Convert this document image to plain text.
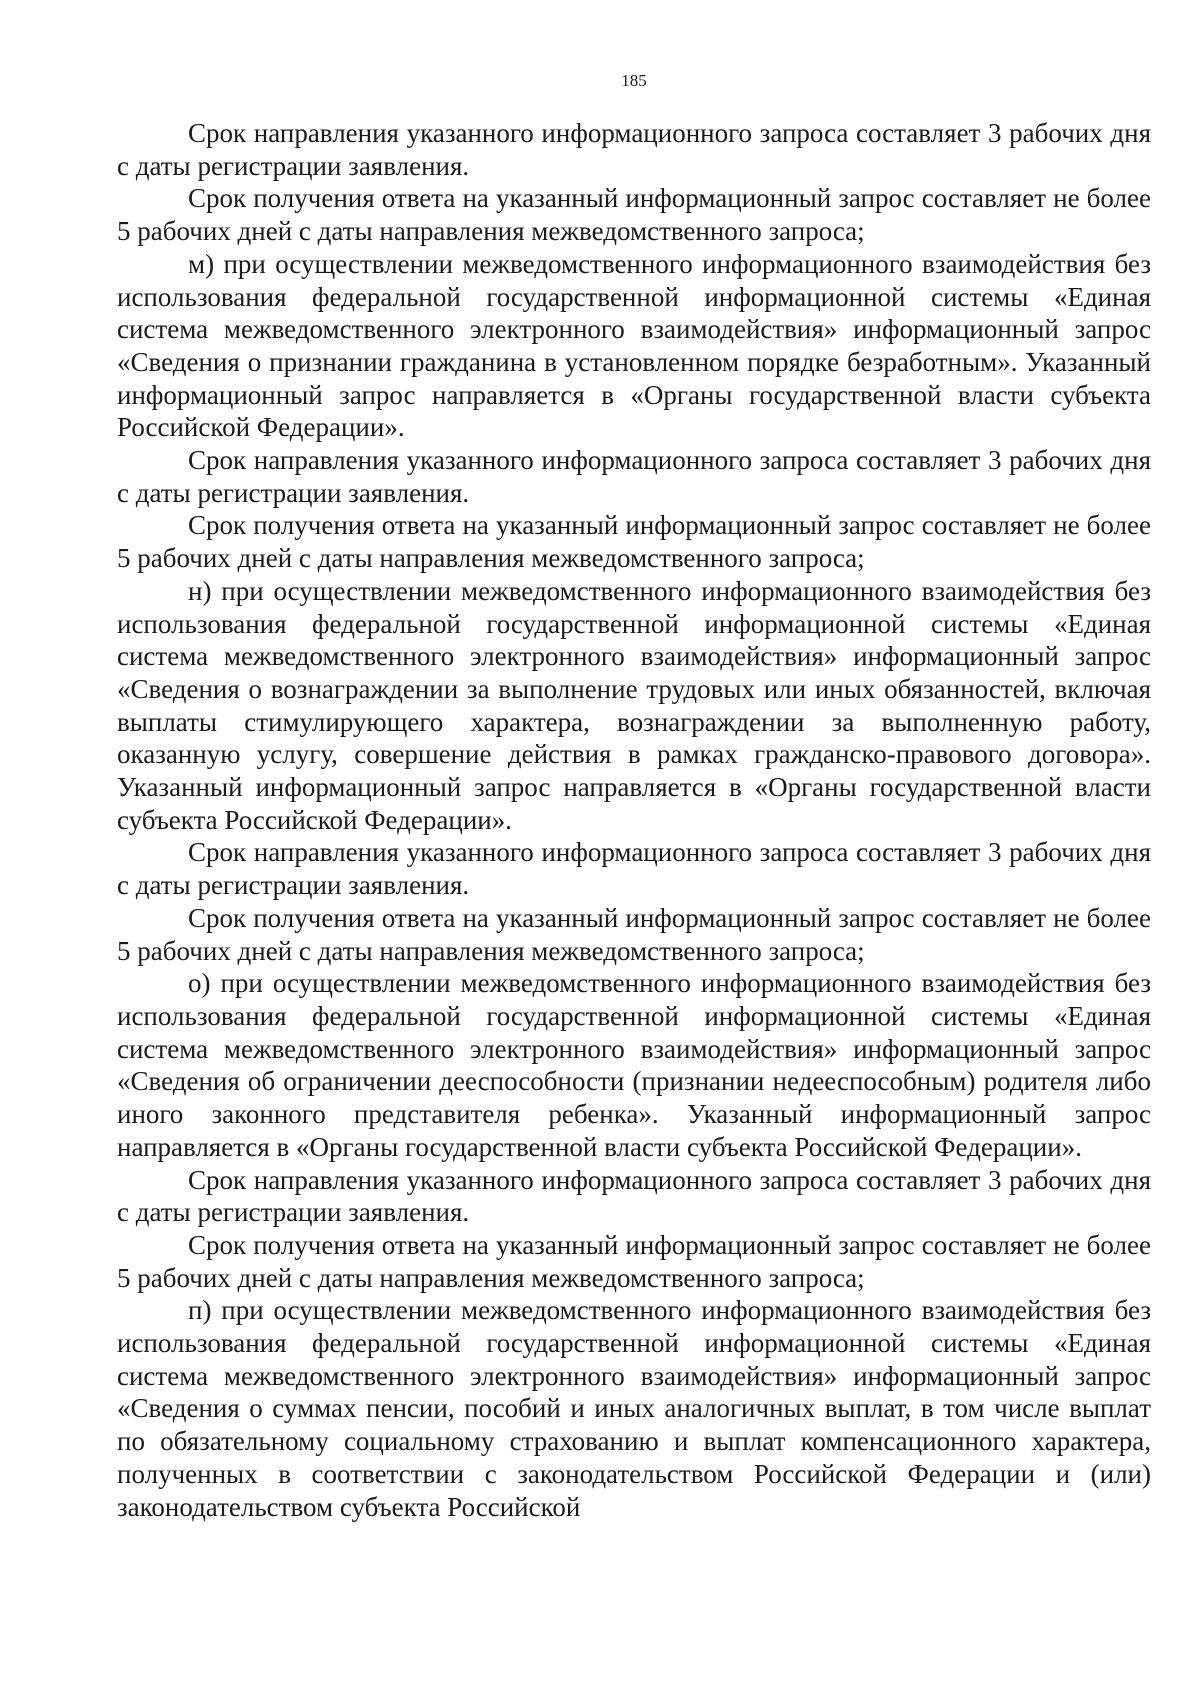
185

Срок направления указанного информационного запроса составляет 3 рабочих дня с даты регистрации заявления.

Срок получения ответа на указанный информационный запрос составляет не более 5 рабочих дней с даты направления межведомственного запроса;

м) при осуществлении межведомственного информационного взаимодействия без использования федеральной государственной информационной системы «Единая система межведомственного электронного взаимодействия» информационный запрос «Сведения о признании гражданина в установленном порядке безработным». Указанный информационный запрос направляется в «Органы государственной власти субъекта Российской Федерации».

Срок направления указанного информационного запроса составляет 3 рабочих дня с даты регистрации заявления.

Срок получения ответа на указанный информационный запрос составляет не более 5 рабочих дней с даты направления межведомственного запроса;

н) при осуществлении межведомственного информационного взаимодействия без использования федеральной государственной информационной системы «Единая система межведомственного электронного взаимодействия» информационный запрос «Сведения о вознаграждении за выполнение трудовых или иных обязанностей, включая выплаты стимулирующего характера, вознаграждении за выполненную работу, оказанную услугу, совершение действия в рамках гражданско-правового договора». Указанный информационный запрос направляется в «Органы государственной власти субъекта Российской Федерации».

Срок направления указанного информационного запроса составляет 3 рабочих дня с даты регистрации заявления.

Срок получения ответа на указанный информационный запрос составляет не более 5 рабочих дней с даты направления межведомственного запроса;

о) при осуществлении межведомственного информационного взаимодействия без использования федеральной государственной информационной системы «Единая система межведомственного электронного взаимодействия» информационный запрос «Сведения об ограничении дееспособности (признании недееспособным) родителя либо иного законного представителя ребенка». Указанный информационный запрос направляется в «Органы государственной власти субъекта Российской Федерации».

Срок направления указанного информационного запроса составляет 3 рабочих дня с даты регистрации заявления.

Срок получения ответа на указанный информационный запрос составляет не более 5 рабочих дней с даты направления межведомственного запроса;

п) при осуществлении межведомственного информационного взаимодействия без использования федеральной государственной информационной системы «Единая система межведомственного электронного взаимодействия» информационный запрос «Сведения о суммах пенсии, пособий и иных аналогичных выплат, в том числе выплат по обязательному социальному страхованию и выплат компенсационного характера, полученных в соответствии с законодательством Российской Федерации и (или) законодательством субъекта Российской
